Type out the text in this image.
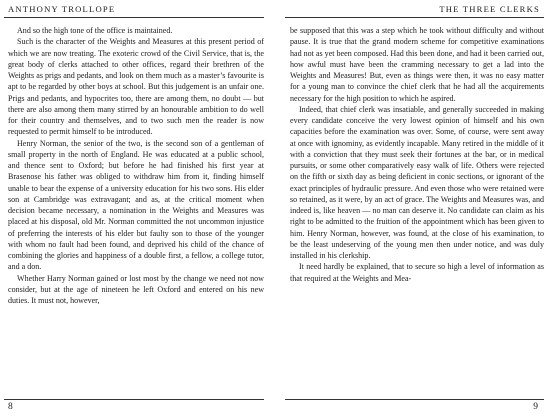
ANTHONY TROLLOPE

And so the high tone of the office is maintained.

Such is the character of the Weights and Measures at this present period of which we are now treating. The exoteric crowd of the Civil Service, that is, the great body of clerks attached to other offices, regard their brethren of the Weights as prigs and pedants, and look on them much as a master’s favourite is apt to be regarded by other boys at school. But this judgement is an unfair one. Prigs and pedants, and hypocrites too, there are among them, no doubt — but there are also among them many stirred by an honourable ambition to do well for their country and themselves, and to two such men the reader is now requested to permit himself to be introduced.

Henry Norman, the senior of the two, is the second son of a gentleman of small property in the north of England. He was educated at a public school, and thence sent to Oxford; but before he had finished his first year at Brasenose his father was obliged to withdraw him from it, finding himself unable to bear the expense of a university education for his two sons. His elder son at Cambridge was extravagant; and as, at the critical moment when decision became necessary, a nomination in the Weights and Measures was placed at his disposal, old Mr. Norman committed the not uncommon injustice of preferring the interests of his elder but faulty son to those of the younger with whom no fault had been found, and deprived his child of the chance of combining the glories and happiness of a double first, a fellow, a college tutor, and a don.

Whether Harry Norman gained or lost most by the change we need not now consider, but at the age of nineteen he left Oxford and entered on his new duties. It must not, however,

8
THE THREE CLERKS

be supposed that this was a step which he took without difficulty and without pause. It is true that the grand modern scheme for competitive examinations had not as yet been composed. Had this been done, and had it been carried out, how awful must have been the cramming necessary to get a lad into the Weights and Measures! But, even as things were then, it was no easy matter for a young man to convince the chief clerk that he had all the acquirements necessary for the high position to which he aspired.

Indeed, that chief clerk was insatiable, and generally succeeded in making every candidate conceive the very lowest opinion of himself and his own capacities before the examination was over. Some, of course, were sent away at once with ignominy, as evidently incapable. Many retired in the middle of it with a conviction that they must seek their fortunes at the bar, or in medical pursuits, or some other comparatively easy walk of life. Others were rejected on the fifth or sixth day as being deficient in conic sections, or ignorant of the exact principles of hydraulic pressure. And even those who were retained were so retained, as it were, by an act of grace. The Weights and Measures was, and indeed is, like heaven — no man can deserve it. No candidate can claim as his right to be admitted to the fruition of the appointment which has been given to him. Henry Norman, however, was found, at the close of his examination, to be the least undeserving of the young men then under notice, and was duly installed in his clerkship.

It need hardly be explained, that to secure so high a level of information as that required at the Weights and Mea-

9
